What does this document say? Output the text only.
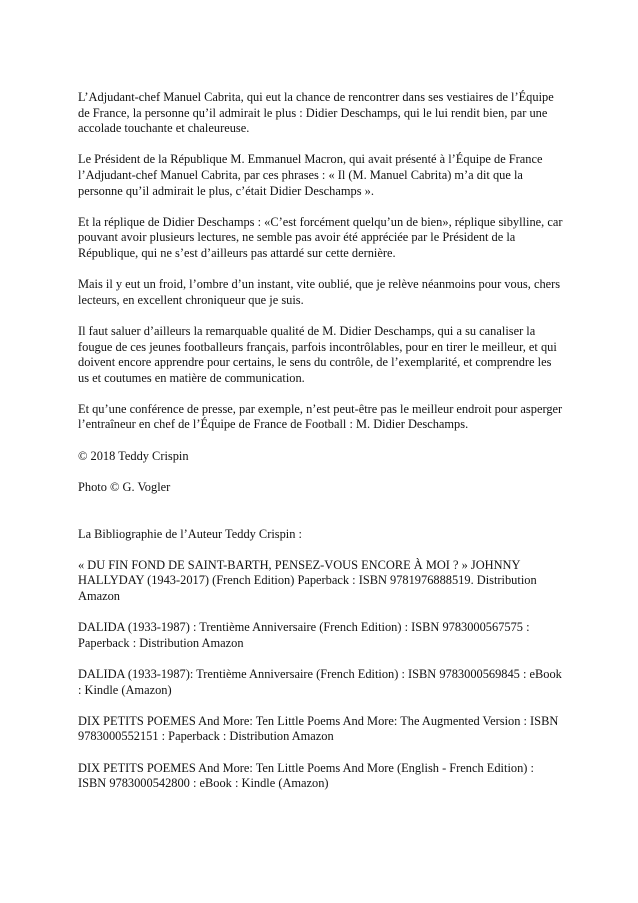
L’Adjudant-chef Manuel Cabrita, qui eut la chance de rencontrer dans ses vestiaires de l’Équipe de France, la personne qu’il admirait le plus : Didier Deschamps, qui le lui rendit bien, par une accolade touchante et chaleureuse.

Le Président de la République M. Emmanuel Macron, qui avait présenté à l’Équipe de France l’Adjudant-chef Manuel Cabrita, par ces phrases : « Il (M. Manuel Cabrita) m’a dit que la personne qu’il admirait le plus, c’était Didier Deschamps ».

Et la réplique de Didier Deschamps : «C’est forcément quelqu’un de bien», réplique sibylline, car pouvant avoir plusieurs lectures, ne semble pas avoir été appréciée par le Président de la République, qui ne s’est d’ailleurs pas attardé sur cette dernière.

Mais il y eut un froid, l’ombre d’un instant, vite oublié, que je relève néanmoins pour vous, chers lecteurs, en excellent chroniqueur que je suis.

Il faut saluer d’ailleurs la remarquable qualité de M. Didier Deschamps, qui a su canaliser la fougue de ces jeunes footballeurs français, parfois incontrôlables, pour en tirer le meilleur, et qui doivent encore apprendre pour certains, le sens du contrôle, de l’exemplarité, et comprendre les us et coutumes en matière de communication.

Et qu’une conférence de presse, par exemple, n’est peut-être pas le meilleur endroit pour asperger l’entraîneur en chef de l’Équipe de France de Football : M. Didier Deschamps.

© 2018 Teddy Crispin

Photo © G. Vogler

La Bibliographie de l’Auteur Teddy Crispin :

« DU FIN FOND DE SAINT-BARTH, PENSEZ-VOUS ENCORE À MOI ? » JOHNNY HALLYDAY (1943-2017) (French Edition) Paperback : ISBN 9781976888519. Distribution Amazon

DALIDA (1933-1987) : Trentième Anniversaire (French Edition) : ISBN 9783000567575 : Paperback : Distribution Amazon

DALIDA (1933-1987): Trentième Anniversaire (French Edition) : ISBN 9783000569845 : eBook : Kindle (Amazon)

DIX PETITS POEMES And More: Ten Little Poems And More: The Augmented Version : ISBN 9783000552151 : Paperback : Distribution Amazon

DIX PETITS POEMES And More: Ten Little Poems And More (English - French Edition) : ISBN 9783000542800 : eBook : Kindle (Amazon)
